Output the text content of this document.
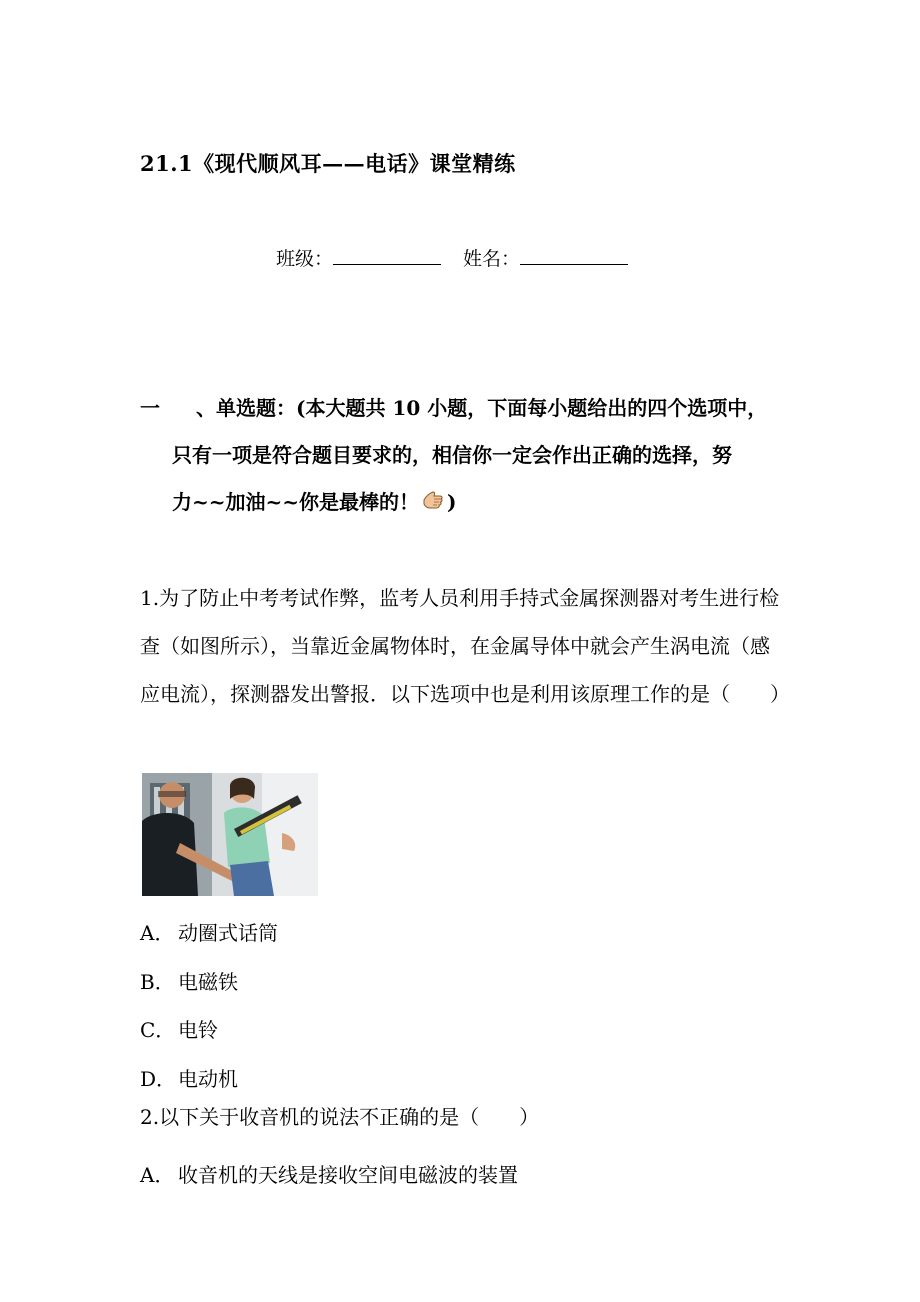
21.1《现代顺风耳——电话》课堂精练
班级：	姓名：
一 、单选题：(本大题共 10 小题，下面每小题给出的四个选项中，
只有一项是符合题目要求的，相信你一定会作出正确的选择，努
力~~加油~~你是最棒的！ )
1.为了防止中考考试作弊，监考人员利用手持式金属探测器对考生进行检查（如图所示），当靠近金属物体时，在金属导体中就会产生涡电流（感应电流），探测器发出警报．以下选项中也是利用该原理工作的是（　　）
A． 动圈式话筒
B． 电磁铁
C． 电铃
D．电动机
2.以下关于收音机的说法不正确的是（　　）
A． 收音机的天线是接收空间电磁波的装置
